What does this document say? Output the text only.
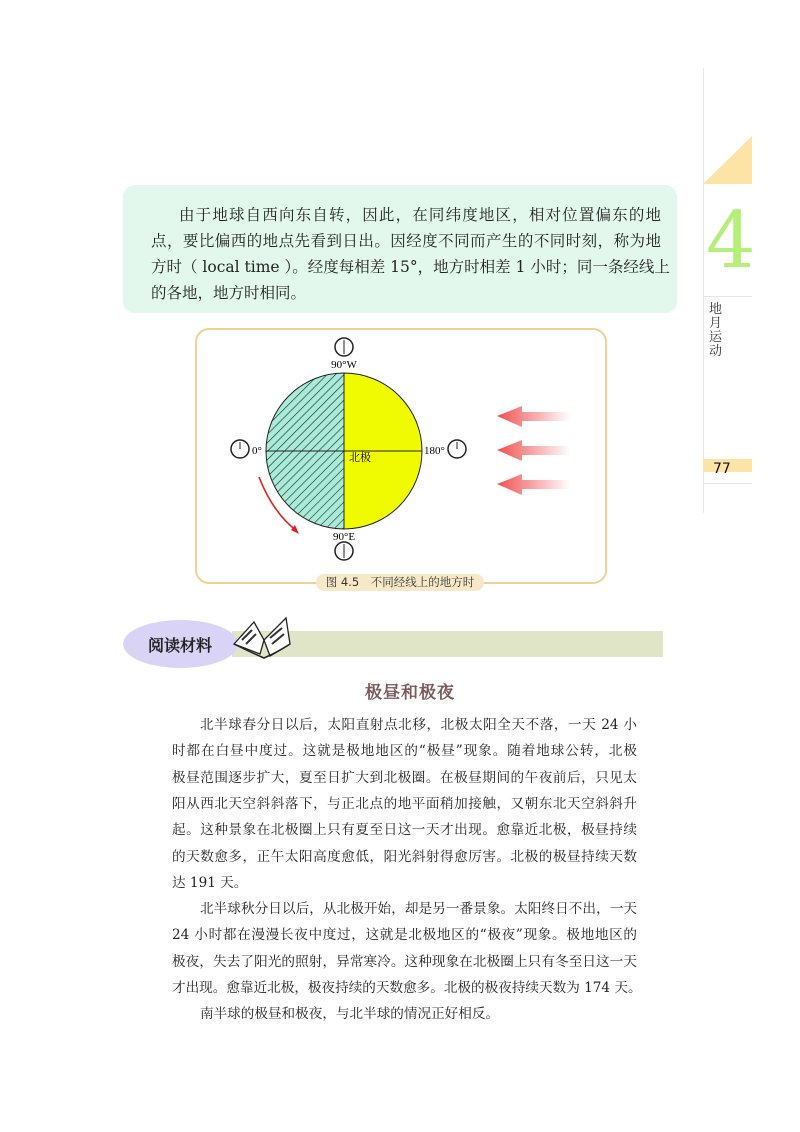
由于地球自西向东自转，因此，在同纬度地区，相对位置偏东的地
点，要比偏西的地点先看到日出。因经度不同而产生的不同时刻，称为地
方时（ local time ）。经度每相差 15°，地方时相差 1 小时；同一条经线上
的各地，地方时相同。
90°W
0°	180°
90°E
北极
图 4.5　不同经线上的地方时
4
地月运动
77
阅读材料
极昼和极夜
北半球春分日以后，太阳直射点北移，北极太阳全天不落，一天 24 小
时都在白昼中度过。这就是极地地区的“极昼”现象。随着地球公转，北极
极昼范围逐步扩大，夏至日扩大到北极圈。在极昼期间的午夜前后，只见太
阳从西北天空斜斜落下，与正北点的地平面稍加接触，又朝东北天空斜斜升
起。这种景象在北极圈上只有夏至日这一天才出现。愈靠近北极，极昼持续
的天数愈多，正午太阳高度愈低，阳光斜射得愈厉害。北极的极昼持续天数
达 191 天。
北半球秋分日以后，从北极开始，却是另一番景象。太阳终日不出，一天
24 小时都在漫漫长夜中度过，这就是北极地区的“极夜”现象。极地地区的
极夜，失去了阳光的照射，异常寒冷。这种现象在北极圈上只有冬至日这一天
才出现。愈靠近北极，极夜持续的天数愈多。北极的极夜持续天数为 174 天。
南半球的极昼和极夜，与北半球的情况正好相反。
